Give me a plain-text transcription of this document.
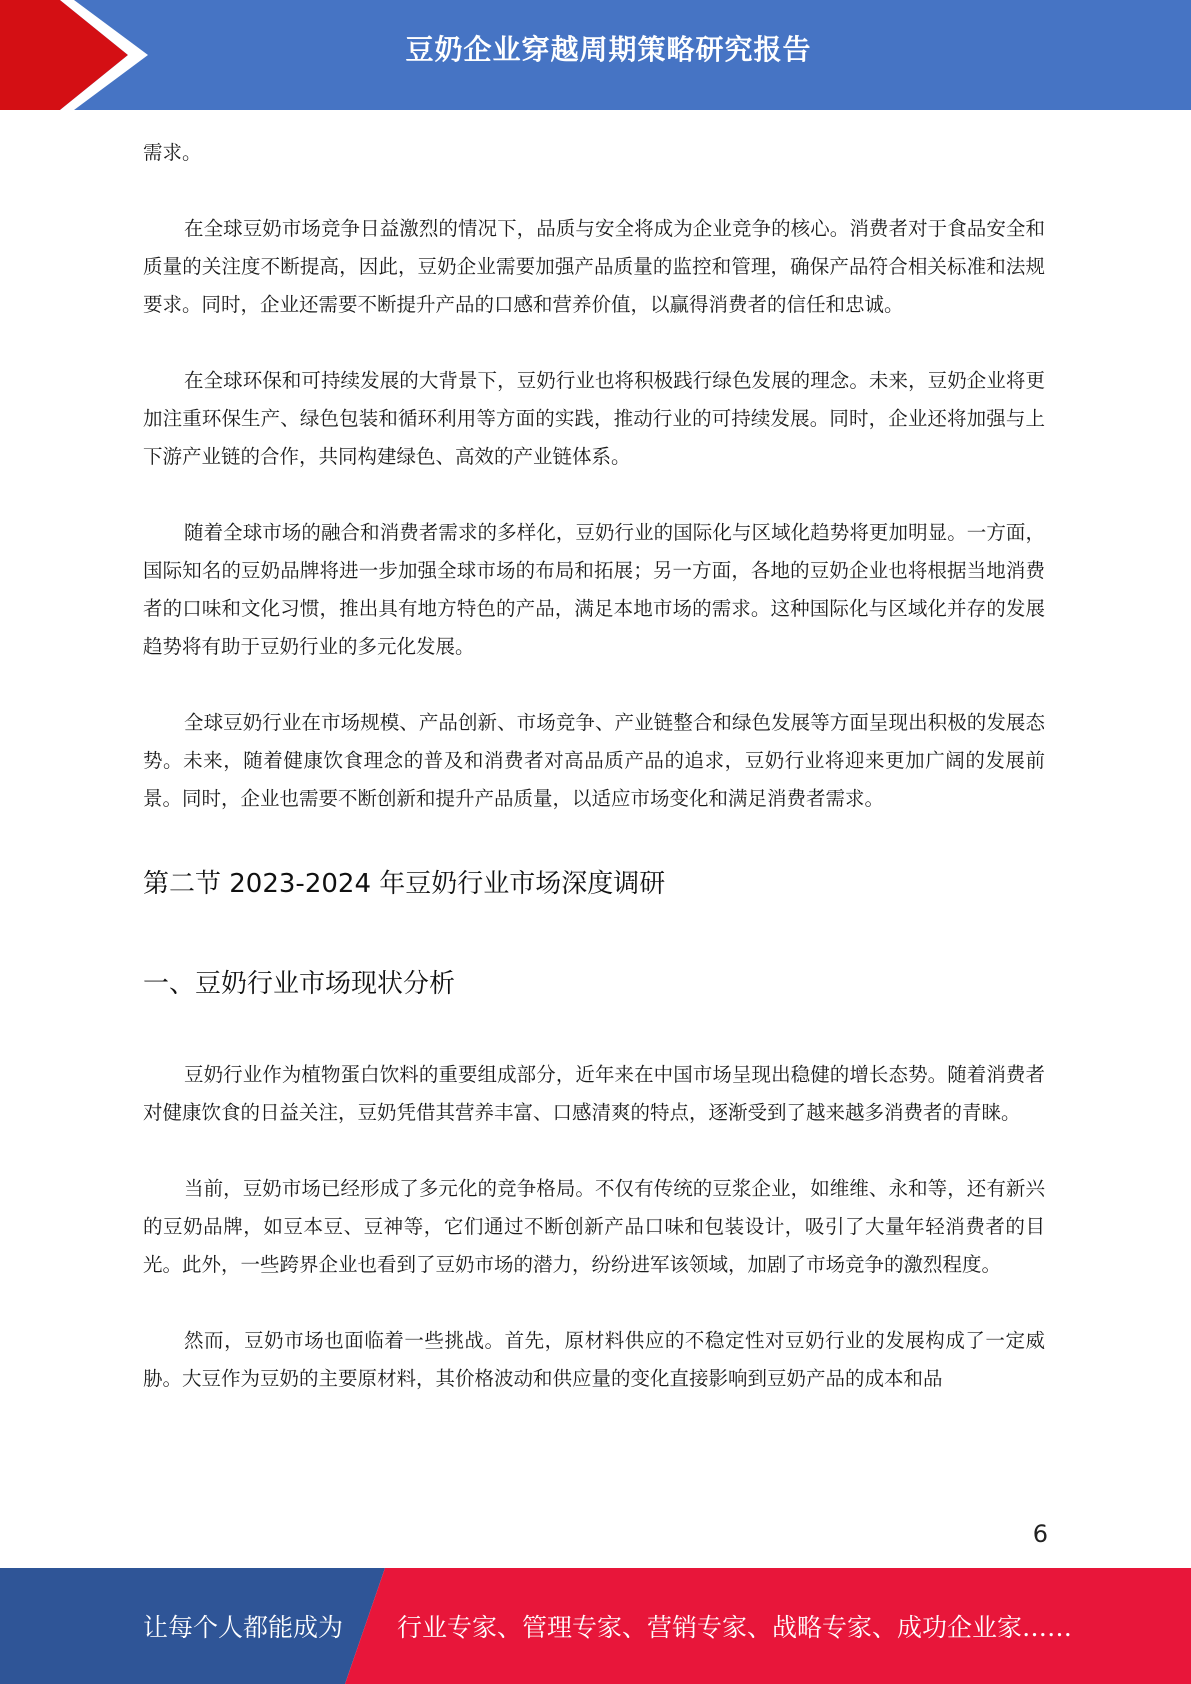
豆奶企业穿越周期策略研究报告

需求。

在全球豆奶市场竞争日益激烈的情况下，品质与安全将成为企业竞争的核心。消费者对于食品安全和质量的关注度不断提高，因此，豆奶企业需要加强产品质量的监控和管理，确保产品符合相关标准和法规要求。同时，企业还需要不断提升产品的口感和营养价值，以赢得消费者的信任和忠诚。

在全球环保和可持续发展的大背景下，豆奶行业也将积极践行绿色发展的理念。未来，豆奶企业将更加注重环保生产、绿色包装和循环利用等方面的实践，推动行业的可持续发展。同时，企业还将加强与上下游产业链的合作，共同构建绿色、高效的产业链体系。

随着全球市场的融合和消费者需求的多样化，豆奶行业的国际化与区域化趋势将更加明显。一方面，国际知名的豆奶品牌将进一步加强全球市场的布局和拓展；另一方面，各地的豆奶企业也将根据当地消费者的口味和文化习惯，推出具有地方特色的产品，满足本地市场的需求。这种国际化与区域化并存的发展趋势将有助于豆奶行业的多元化发展。

全球豆奶行业在市场规模、产品创新、市场竞争、产业链整合和绿色发展等方面呈现出积极的发展态势。未来，随着健康饮食理念的普及和消费者对高品质产品的追求，豆奶行业将迎来更加广阔的发展前景。同时，企业也需要不断创新和提升产品质量，以适应市场变化和满足消费者需求。

第二节 2023-2024 年豆奶行业市场深度调研
一、豆奶行业市场现状分析

豆奶行业作为植物蛋白饮料的重要组成部分，近年来在中国市场呈现出稳健的增长态势。随着消费者对健康饮食的日益关注，豆奶凭借其营养丰富、口感清爽的特点，逐渐受到了越来越多消费者的青睐。

当前，豆奶市场已经形成了多元化的竞争格局。不仅有传统的豆浆企业，如维维、永和等，还有新兴的豆奶品牌，如豆本豆、豆神等，它们通过不断创新产品口味和包装设计，吸引了大量年轻消费者的目光。此外，一些跨界企业也看到了豆奶市场的潜力，纷纷进军该领域，加剧了市场竞争的激烈程度。

然而，豆奶市场也面临着一些挑战。首先，原材料供应的不稳定性对豆奶行业的发展构成了一定威胁。大豆作为豆奶的主要原材料，其价格波动和供应量的变化直接影响到豆奶产品的成本和品

6
让每个人都能成为 行业专家、管理专家、营销专家、战略专家、成功企业家……
